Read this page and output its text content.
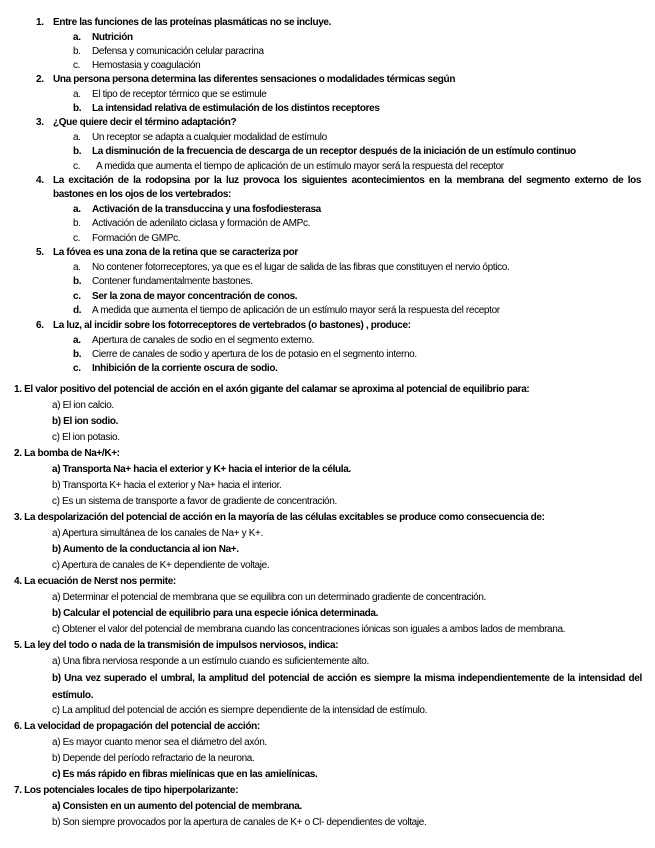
1. Entre las funciones de las proteínas plasmáticas no se incluye.
a. Nutrición
b. Defensa y comunicación celular paracrina
c. Hemostasia y coagulación
2. Una persona persona determina las diferentes sensaciones o modalidades térmicas según
a. El tipo de receptor térmico que se estimule
b. La intensidad relativa de estimulación de los distintos receptores
3. ¿Que quiere decir el término adaptación?
a. Un receptor se adapta a cualquier modalidad de estímulo
b. La disminución de la frecuencia de descarga de un receptor después de la iniciación de un estímulo continuo
c. A medida que aumenta el tiempo de aplicación de un estímulo mayor será la respuesta del receptor
4. La excitación de la rodopsina por la luz provoca los siguientes acontecimientos en la membrana del segmento externo de los bastones en los ojos de los vertebrados:
a. Activación de la transduccina y una fosfodiesterasa
b. Activación de adenilato ciclasa y formación de AMPc.
c. Formación de GMPc.
5. La fóvea es una zona de la retina que se caracteriza por
a. No contener fotorreceptores, ya que es el lugar de salida de las fibras que constituyen el nervio óptico.
b. Contener fundamentalmente bastones.
c. Ser la zona de mayor concentración de conos.
d. A medida que aumenta el tiempo de aplicación de un estímulo mayor será la respuesta del receptor
6. La luz, al incidir sobre los fotorreceptores de vertebrados (o bastones) , produce:
a. Apertura de canales de sodio en el segmento externo.
b. Cierre de canales de sodio y apertura de los de potasio en el segmento interno.
c. Inhibición de la corriente oscura de sodio.
1. El valor positivo del potencial de acción en el axón gigante del calamar se aproxima al potencial de equilibrio para:
a) El ion calcio.
b) El ion sodio.
c) El ion potasio.
2. La bomba de Na+/K+:
a) Transporta Na+ hacia el exterior y K+ hacia el interior de la célula.
b) Transporta K+ hacia el exterior y Na+ hacia el interior.
c) Es un sistema de transporte a favor de gradiente de concentración.
3. La despolarización del potencial de acción en la mayoría de las células excitables se produce como consecuencia de:
a) Apertura simultánea de los canales de Na+ y K+.
b) Aumento de la conductancia al ion Na+.
c) Apertura de canales de K+ dependiente de voltaje.
4. La ecuación de Nerst nos permite:
a) Determinar el potencial de membrana que se equilibra con un determinado gradiente de concentración.
b) Calcular el potencial de equilibrio para una especie iónica determinada.
c) Obtener el valor del potencial de membrana cuando las concentraciones iónicas son iguales a ambos lados de membrana.
5. La ley del todo o nada de la transmisión de impulsos nerviosos, indica:
a) Una fibra nerviosa responde a un estímulo cuando es suficientemente alto.
b) Una vez superado el umbral, la amplitud del potencial de acción es siempre la misma independientemente de la intensidad del estímulo.
c) La amplitud del potencial de acción es siempre dependiente de la intensidad de estímulo.
6. La velocidad de propagación del potencial de acción:
a) Es mayor cuanto menor sea el diámetro del axón.
b) Depende del período refractario de la neurona.
c) Es más rápido en fibras mielínicas que en las amielínicas.
7. Los potenciales locales de tipo hiperpolarizante:
a) Consisten en un aumento del potencial de membrana.
b) Son siempre provocados por la apertura de canales de K+ o Cl- dependientes de voltaje.
